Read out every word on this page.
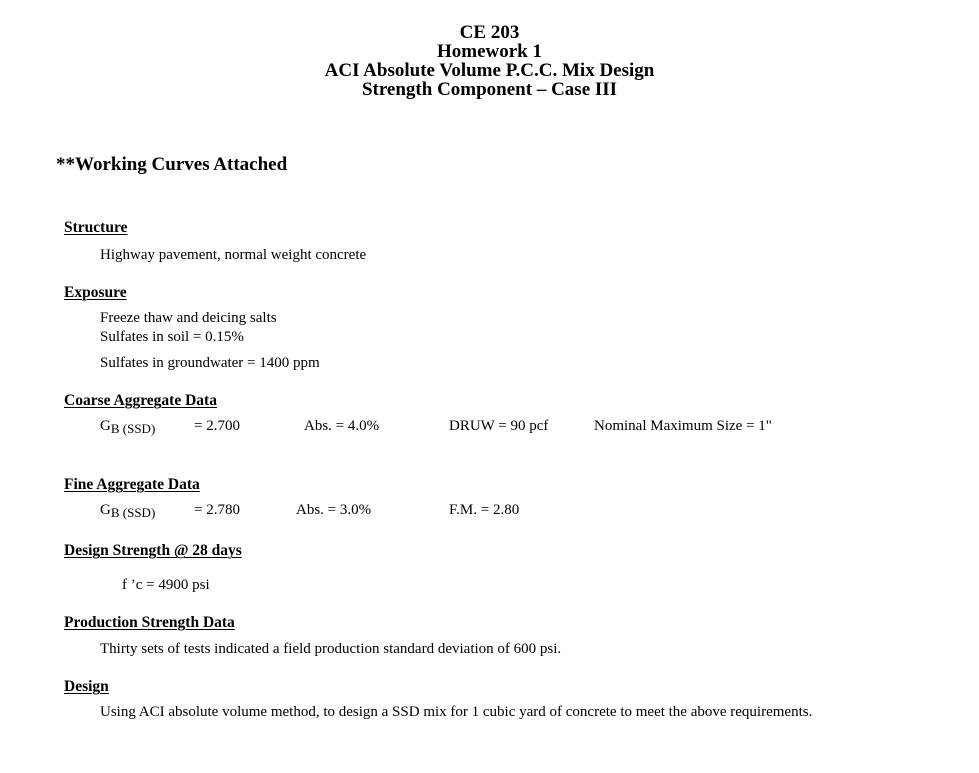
CE 203
Homework 1
ACI Absolute Volume P.C.C. Mix Design
Strength Component – Case III
**Working Curves Attached
Structure
Highway pavement, normal weight concrete
Exposure
Freeze thaw and deicing salts
Sulfates in soil = 0.15%
Sulfates in groundwater = 1400 ppm
Coarse Aggregate Data
GB (SSD)	= 2.700	Abs. = 4.0%	DRUW = 90 pcf	Nominal Maximum Size = 1"
Fine Aggregate Data
GB (SSD)	= 2.780	Abs. = 3.0%	F.M. = 2.80
Design Strength @ 28 days
f ’c = 4900 psi
Production Strength Data
Thirty sets of tests indicated a field production standard deviation of 600 psi.
Design
Using ACI absolute volume method, to design a SSD mix for 1 cubic yard of concrete to meet the above requirements.
